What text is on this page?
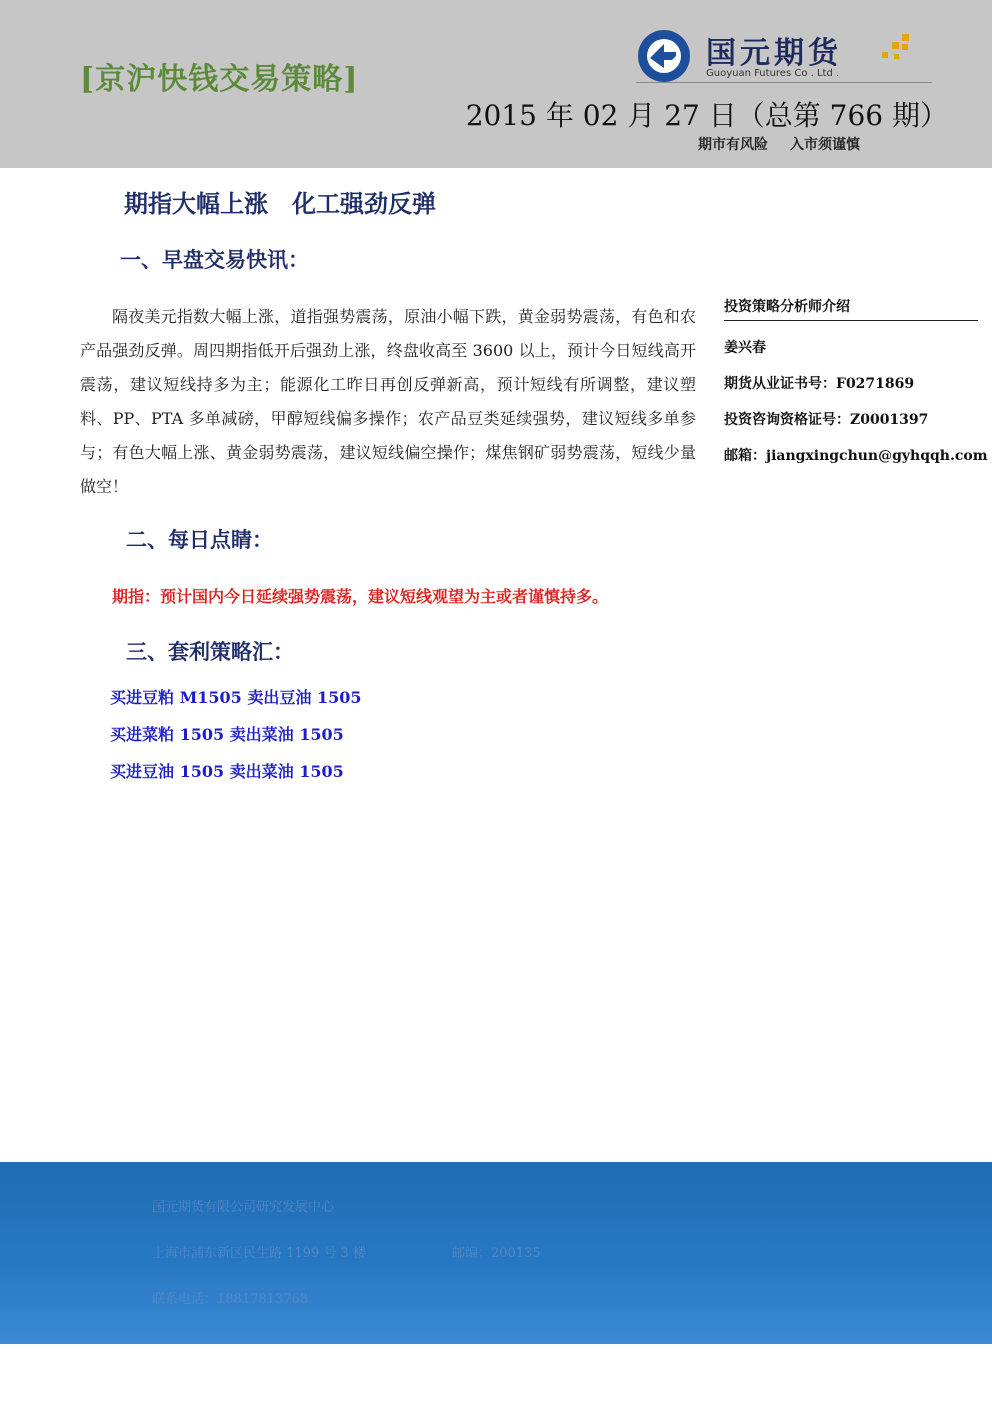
[京沪快钱交易策略]
国元期货
Guoyuan Futures Co . Ltd .
2015 年 02 月 27 日（总第 766 期）
期市有风险 入市须谨慎
期指大幅上涨　化工强劲反弹
一、早盘交易快讯：
隔夜美元指数大幅上涨，道指强势震荡，原油小幅下跌，黄金弱势震荡，有色和农产品强劲反弹。周四期指低开后强劲上涨，终盘收高至 3600 以上，预计今日短线高开震荡，建议短线持多为主；能源化工昨日再创反弹新高，预计短线有所调整，建议塑料、PP、PTA 多单减磅，甲醇短线偏多操作；农产品豆类延续强势，建议短线多单参与；有色大幅上涨、黄金弱势震荡，建议短线偏空操作；煤焦钢矿弱势震荡，短线少量做空！
投资策略分析师介绍
姜兴春
期货从业证书号：F0271869
投资咨询资格证号：Z0001397
邮箱：jiangxingchun@gyhqqh.com
二、每日点睛：
期指：预计国内今日延续强势震荡，建议短线观望为主或者谨慎持多。
三、套利策略汇：
买进豆粕 M1505 卖出豆油 1505
买进菜粕 1505 卖出菜油 1505
买进豆油 1505 卖出菜油 1505
国元期货有限公司研究发展中心
上海市浦东新区民生路 1199 号 3 楼	邮编：200135
联系电话：18817813768
